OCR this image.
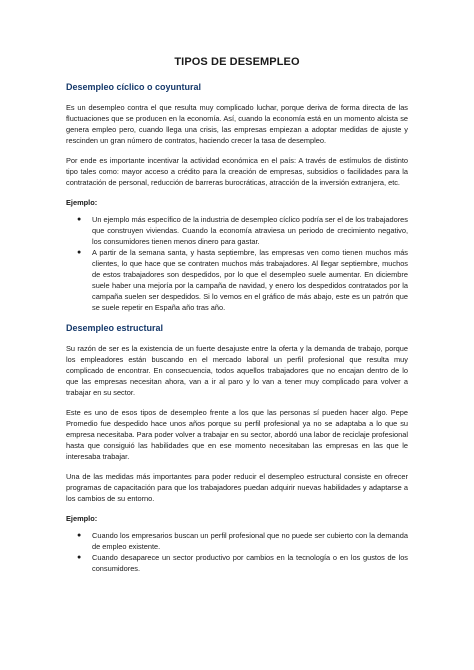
TIPOS DE DESEMPLEO
Desempleo cíclico o coyuntural

Es un desempleo contra el que resulta muy complicado luchar, porque deriva de forma directa de las fluctuaciones que se producen en la economía. Así, cuando la economía está en un momento alcista se genera empleo pero, cuando llega una crisis, las empresas empiezan a adoptar medidas de ajuste y rescinden un gran número de contratos, haciendo crecer la tasa de desempleo.

Por ende es importante incentivar la actividad económica en el país: A través de estímulos de distinto tipo tales como: mayor acceso a crédito para la creación de empresas, subsidios o facilidades para la contratación de personal, reducción de barreras burocráticas, atracción de la inversión extranjera, etc.

Ejemplo:

● Un ejemplo más específico de la industria de desempleo cíclico podría ser el de los trabajadores que construyen viviendas. Cuando la economía atraviesa un periodo de crecimiento negativo, los consumidores tienen menos dinero para gastar.
● A partir de la semana santa, y hasta septiembre, las empresas ven como tienen muchos más clientes, lo que hace que se contraten muchos más trabajadores. Al llegar septiembre, muchos de estos trabajadores son despedidos, por lo que el desempleo suele aumentar. En diciembre suele haber una mejoría por la campaña de navidad, y enero los despedidos contratados por la campaña suelen ser despedidos. Si lo vemos en el gráfico de más abajo, este es un patrón que se suele repetir en España año tras año.
Desempleo estructural

Su razón de ser es la existencia de un fuerte desajuste entre la oferta y la demanda de trabajo, porque los empleadores están buscando en el mercado laboral un perfil profesional que resulta muy complicado de encontrar. En consecuencia, todos aquellos trabajadores que no encajan dentro de lo que las empresas necesitan ahora, van a ir al paro y lo van a tener muy complicado para volver a trabajar en su sector.

Este es uno de esos tipos de desempleo frente a los que las personas sí pueden hacer algo. Pepe Promedio fue despedido hace unos años porque su perfil profesional ya no se adaptaba a lo que su empresa necesitaba. Para poder volver a trabajar en su sector, abordó una labor de reciclaje profesional hasta que consiguió las habilidades que en ese momento necesitaban las empresas en las que le interesaba trabajar.

Una de las medidas más importantes para poder reducir el desempleo estructural consiste en ofrecer programas de capacitación para que los trabajadores puedan adquirir nuevas habilidades y adaptarse a los cambios de su entorno.

Ejemplo:

● Cuando los empresarios buscan un perfil profesional que no puede ser cubierto con la demanda de empleo existente.
● Cuando desaparece un sector productivo por cambios en la tecnología o en los gustos de los consumidores.
